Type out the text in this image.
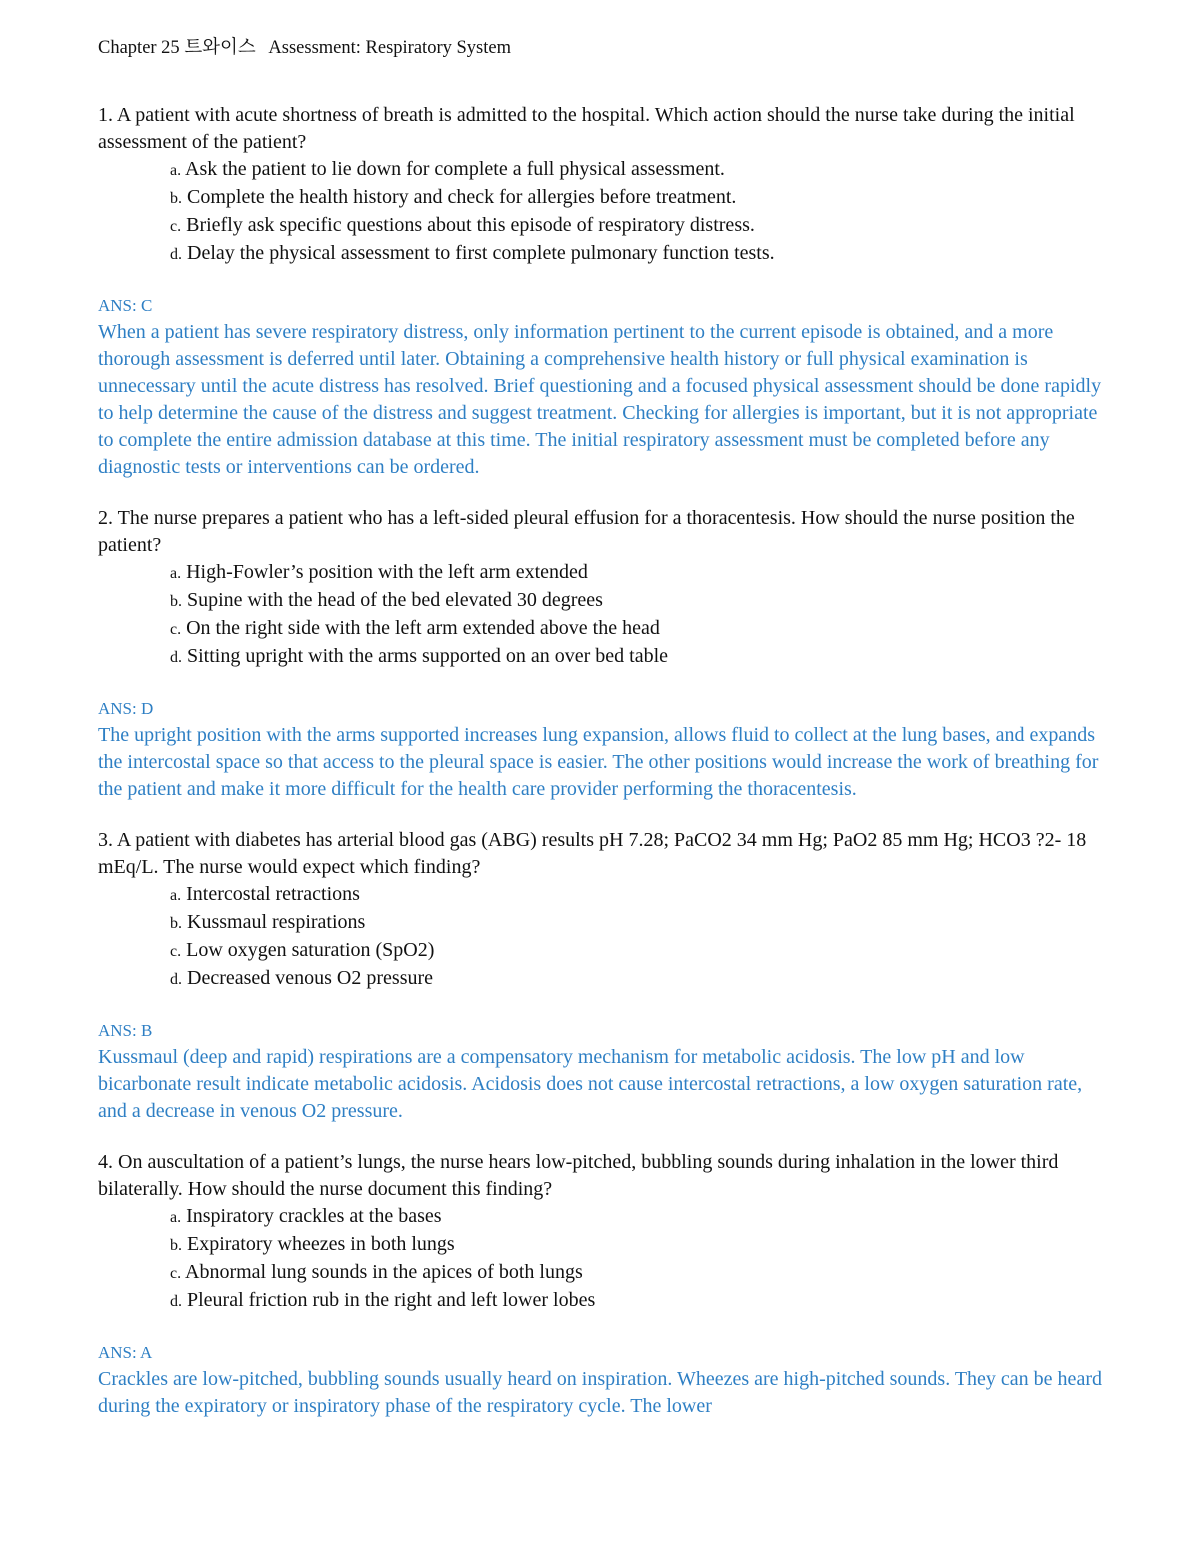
Chapter 25 트와이스 Assessment: Respiratory System

1. A patient with acute shortness of breath is admitted to the hospital. Which action should the nurse take during the initial assessment of the patient?

a. Ask the patient to lie down for complete a full physical assessment.
b. Complete the health history and check for allergies before treatment.
c. Briefly ask specific questions about this episode of respiratory distress.
d. Delay the physical assessment to first complete pulmonary function tests.
ANS: C
When a patient has severe respiratory distress, only information pertinent to the current episode is obtained, and a more thorough assessment is deferred until later. Obtaining a comprehensive health history or full physical examination is unnecessary until the acute distress has resolved. Brief questioning and a focused physical assessment should be done rapidly to help determine the cause of the distress and suggest treatment. Checking for allergies is important, but it is not appropriate to complete the entire admission database at this time. The initial respiratory assessment must be completed before any diagnostic tests or interventions can be ordered.

2. The nurse prepares a patient who has a left-sided pleural effusion for a thoracentesis. How should the nurse position the patient?

a. High-Fowler’s position with the left arm extended
b. Supine with the head of the bed elevated 30 degrees
c. On the right side with the left arm extended above the head
d. Sitting upright with the arms supported on an over bed table
ANS: D
The upright position with the arms supported increases lung expansion, allows fluid to collect at the lung bases, and expands the intercostal space so that access to the pleural space is easier. The other positions would increase the work of breathing for the patient and make it more difficult for the health care provider performing the thoracentesis.

3. A patient with diabetes has arterial blood gas (ABG) results pH 7.28; PaCO2 34 mm Hg; PaO2 85 mm Hg; HCO3 ?2- 18 mEq/L. The nurse would expect which finding?

a. Intercostal retractions
b. Kussmaul respirations
c. Low oxygen saturation (SpO2)
d. Decreased venous O2 pressure
ANS: B
Kussmaul (deep and rapid) respirations are a compensatory mechanism for metabolic acidosis. The low pH and low bicarbonate result indicate metabolic acidosis. Acidosis does not cause intercostal retractions, a low oxygen saturation rate, and a decrease in venous O2 pressure.

4. On auscultation of a patient’s lungs, the nurse hears low-pitched, bubbling sounds during inhalation in the lower third bilaterally. How should the nurse document this finding?

a. Inspiratory crackles at the bases
b. Expiratory wheezes in both lungs
c. Abnormal lung sounds in the apices of both lungs
d. Pleural friction rub in the right and left lower lobes
ANS: A
Crackles are low-pitched, bubbling sounds usually heard on inspiration. Wheezes are high-pitched sounds. They can be heard during the expiratory or inspiratory phase of the respiratory cycle. The lower
